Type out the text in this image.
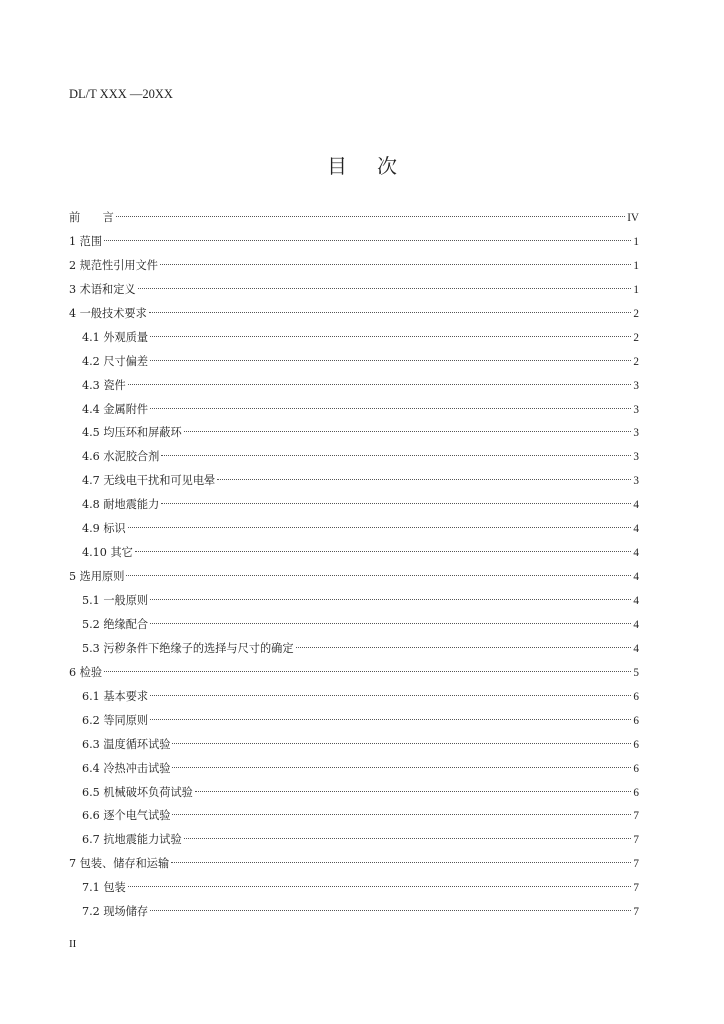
DL/T XXX —20XX
目次
前　　言	IV
1 范围	1
2 规范性引用文件	1
3 术语和定义	1
4 一般技术要求	2
4.1 外观质量	2
4.2 尺寸偏差	2
4.3 瓷件	3
4.4 金属附件	3
4.5 均压环和屏蔽环	3
4.6 水泥胶合剂	3
4.7 无线电干扰和可见电晕	3
4.8 耐地震能力	4
4.9 标识	4
4.10 其它	4
5 选用原则	4
5.1 一般原则	4
5.2 绝缘配合	4
5.3 污秽条件下绝缘子的选择与尺寸的确定	4
6 检验	5
6.1 基本要求	6
6.2 等同原则	6
6.3 温度循环试验	6
6.4 冷热冲击试验	6
6.5 机械破坏负荷试验	6
6.6 逐个电气试验	7
6.7 抗地震能力试验	7
7 包装、储存和运输	7
7.1 包装	7
7.2 现场储存	7
II
